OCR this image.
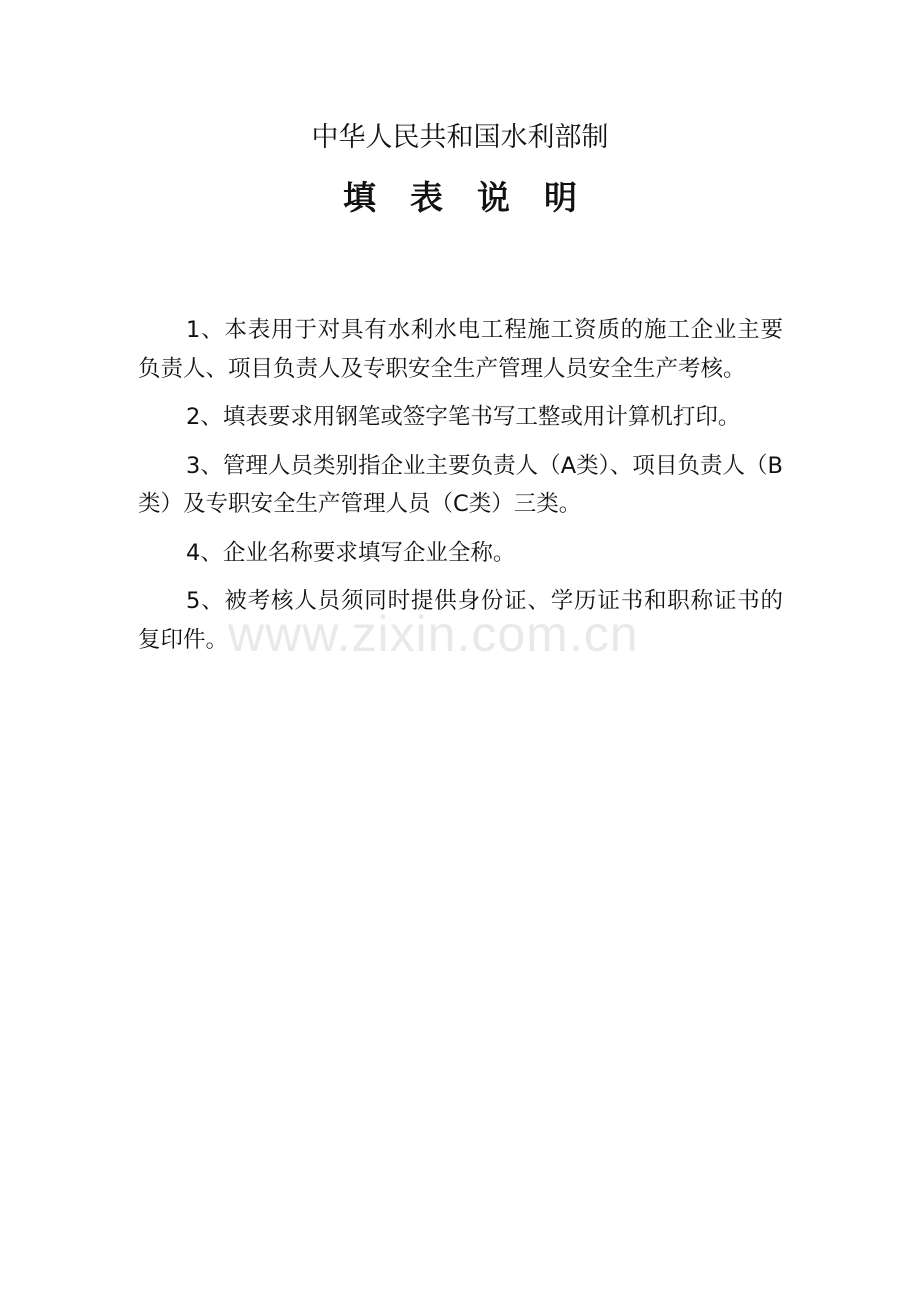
中华人民共和国水利部制
填 表 说 明

1、本表用于对具有水利水电工程施工资质的施工企业主要负责人、项目负责人及专职安全生产管理人员安全生产考核。

2、填表要求用钢笔或签字笔书写工整或用计算机打印。

3、管理人员类别指企业主要负责人（A类）、项目负责人（B类）及专职安全生产管理人员（C类）三类。

4、企业名称要求填写企业全称。

5、被考核人员须同时提供身份证、学历证书和职称证书的复印件。 www.zixin.com.cn
